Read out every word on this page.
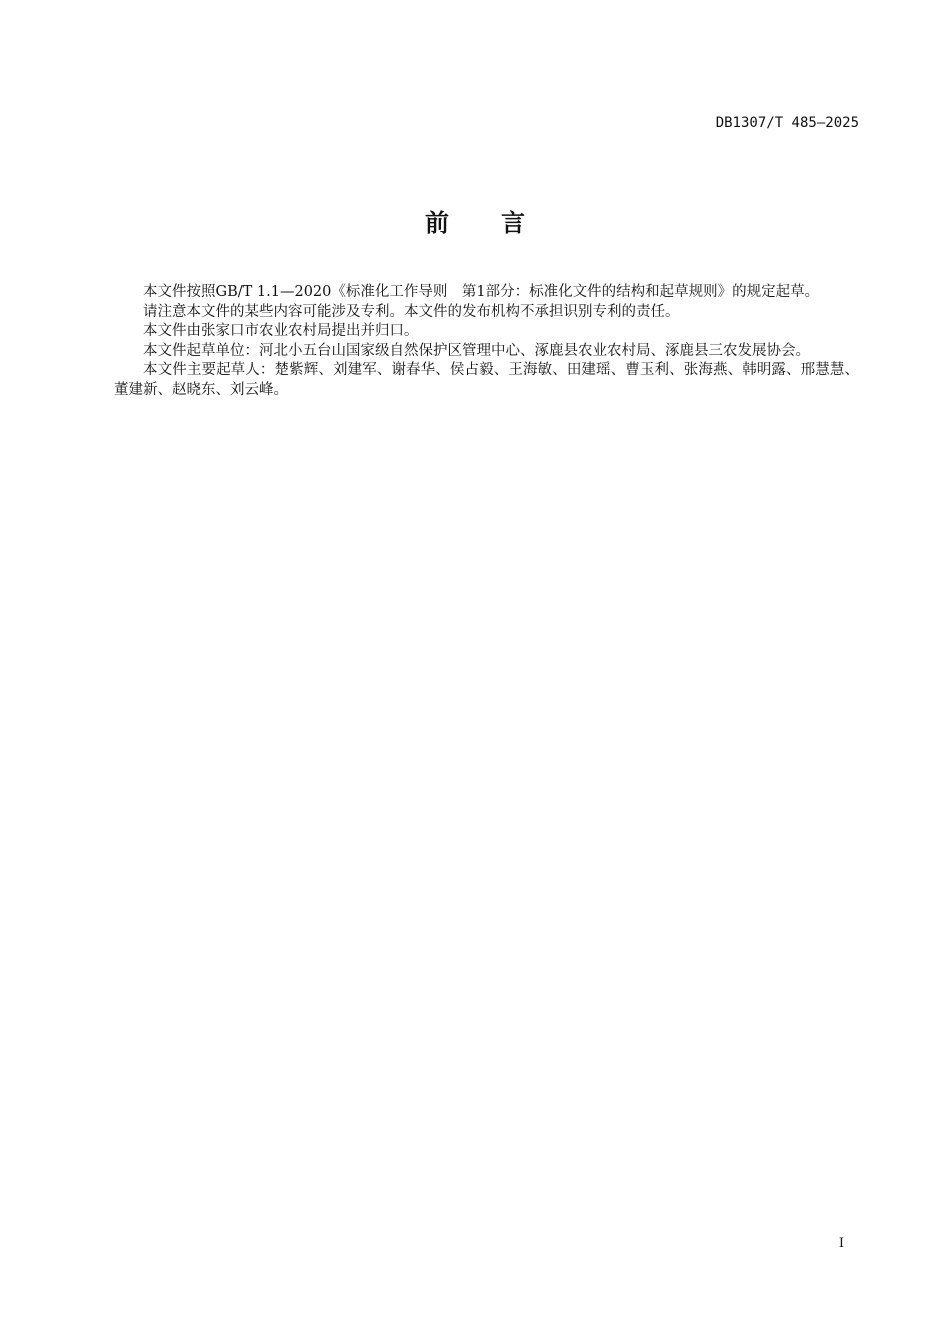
DB1307/T 485—2025
前言

本文件按照GB/T 1.1—2020《标准化工作导则　第1部分：标准化文件的结构和起草规则》的规定起草。

请注意本文件的某些内容可能涉及专利。本文件的发布机构不承担识别专利的责任。

本文件由张家口市农业农村局提出并归口。

本文件起草单位：河北小五台山国家级自然保护区管理中心、涿鹿县农业农村局、涿鹿县三农发展协会。

本文件主要起草人：楚紫辉、刘建军、谢春华、侯占毅、王海敏、田建瑶、曹玉利、张海燕、韩明露、邢慧慧、董建新、赵晓东、刘云峰。

I
